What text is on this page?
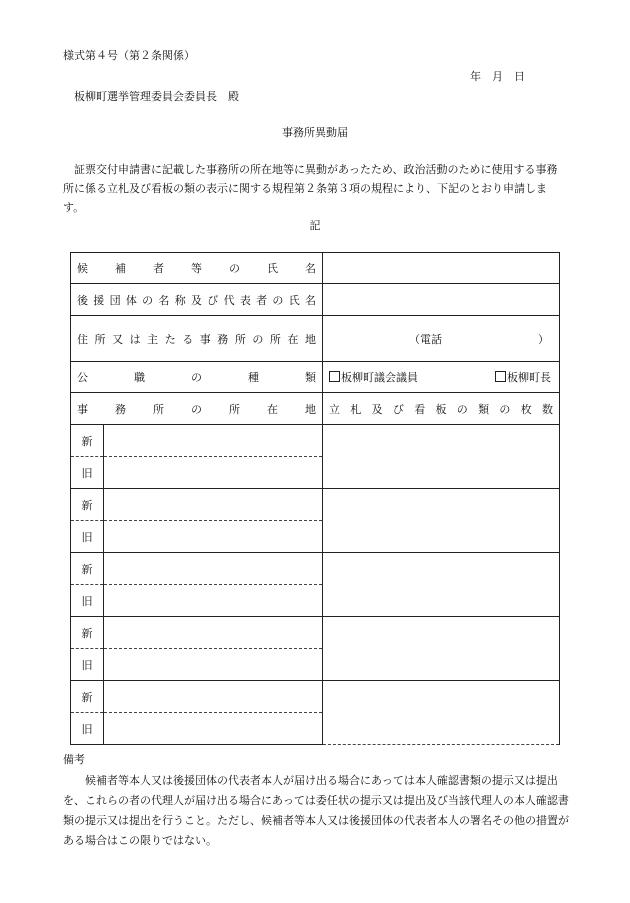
様式第４号（第２条関係）
年　月　日
板柳町選挙管理委員会委員長　殿
事務所異動届
証票交付申請書に記載した事務所の所在地等に異動があったため、政治活動のために使用する事務所に係る立札及び看板の類の表示に関する規程第２条第３項の規程により、下記のとおり申請します。
記
候補者等の氏名		
後援団体の名称及び代表者の氏名		
住所又は主たる事務所の所在地		（電話 ）

公職の種類		板柳町議会議員 板柳町長

事務所の所在地		立札及び看板の類の枚数
新		
旧		
新		
旧		
新		
旧		
新		
旧		
新		
旧		
備考
候補者等本人又は後援団体の代表者本人が届け出る場合にあっては本人確認書類の提示又は提出を、これらの者の代理人が届け出る場合にあっては委任状の提示又は提出及び当該代理人の本人確認書類の提示又は提出を行うこと。ただし、候補者等本人又は後援団体の代表者本人の署名その他の措置がある場合はこの限りではない。
